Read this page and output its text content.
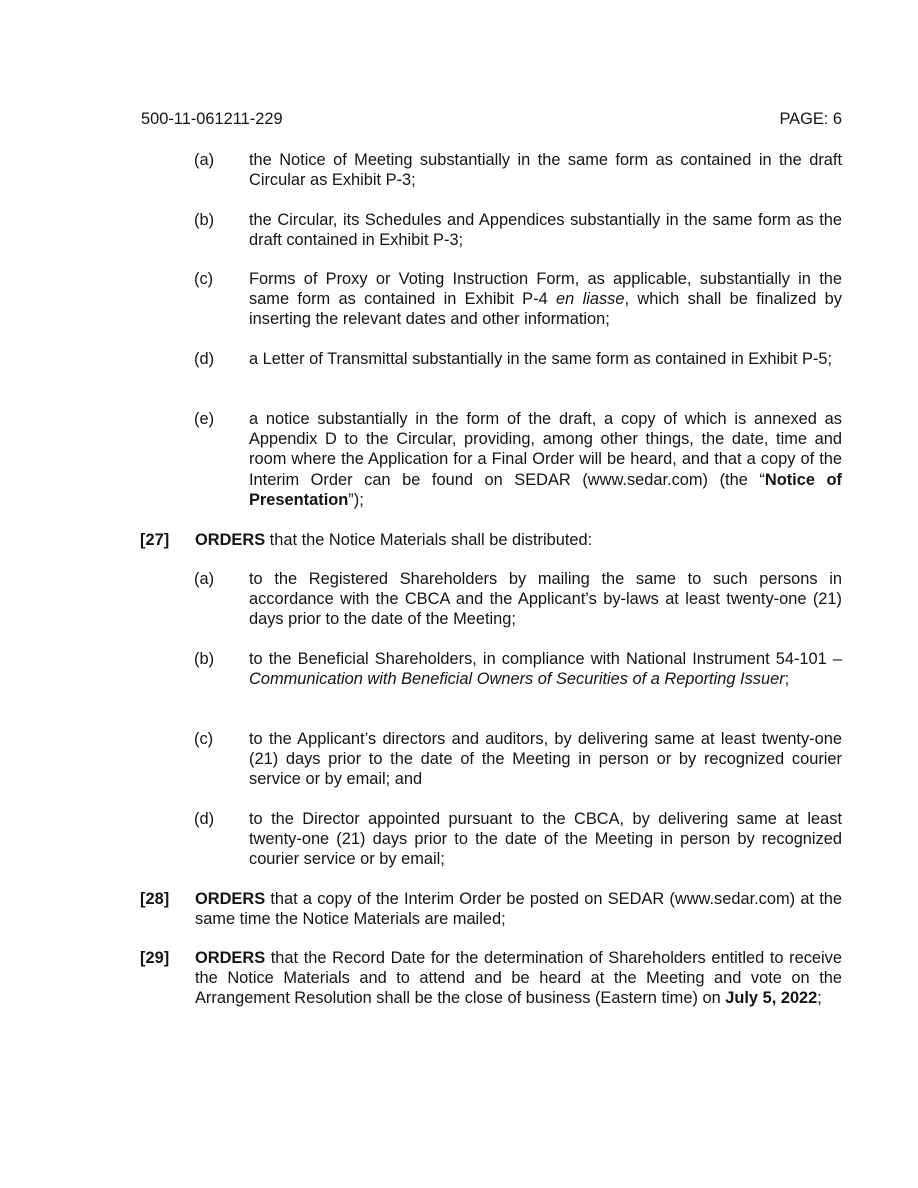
500-11-061211-229	PAGE: 6
(a) the Notice of Meeting substantially in the same form as contained in the draft Circular as Exhibit P-3;
(b) the Circular, its Schedules and Appendices substantially in the same form as the draft contained in Exhibit P-3;
(c) Forms of Proxy or Voting Instruction Form, as applicable, substantially in the same form as contained in Exhibit P-4 en liasse, which shall be finalized by inserting the relevant dates and other information;
(d) a Letter of Transmittal substantially in the same form as contained in Exhibit P-5;
(e) a notice substantially in the form of the draft, a copy of which is annexed as Appendix D to the Circular, providing, among other things, the date, time and room where the Application for a Final Order will be heard, and that a copy of the Interim Order can be found on SEDAR (www.sedar.com) (the “Notice of Presentation”);
[27] ORDERS that the Notice Materials shall be distributed:
(a) to the Registered Shareholders by mailing the same to such persons in accordance with the CBCA and the Applicant’s by-laws at least twenty-one (21) days prior to the date of the Meeting;
(b) to the Beneficial Shareholders, in compliance with National Instrument 54-101 – Communication with Beneficial Owners of Securities of a Reporting Issuer;
(c) to the Applicant’s directors and auditors, by delivering same at least twenty-one (21) days prior to the date of the Meeting in person or by recognized courier service or by email; and
(d) to the Director appointed pursuant to the CBCA, by delivering same at least twenty-one (21) days prior to the date of the Meeting in person by recognized courier service or by email;
[28] ORDERS that a copy of the Interim Order be posted on SEDAR (www.sedar.com) at the same time the Notice Materials are mailed;
[29] ORDERS that the Record Date for the determination of Shareholders entitled to receive the Notice Materials and to attend and be heard at the Meeting and vote on the Arrangement Resolution shall be the close of business (Eastern time) on July 5, 2022;
